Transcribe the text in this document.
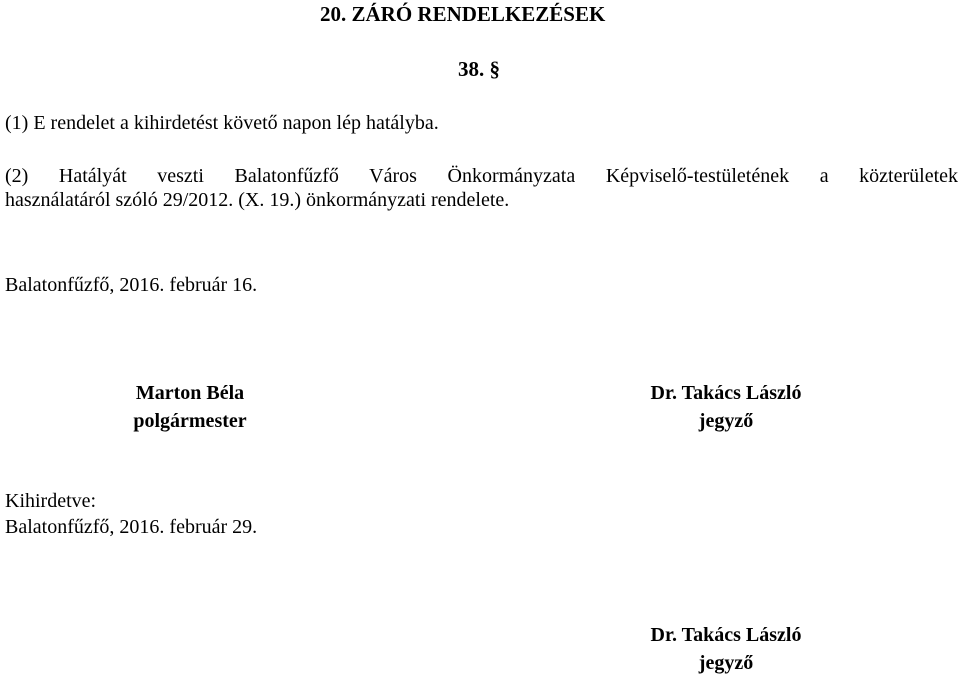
20. ZÁRÓ RENDELKEZÉSEK
38. §
(1) E rendelet a kihirdetést követő napon lép hatályba.
(2) Hatályát veszti Balatonfűzfő Város Önkormányzata Képviselő-testületének a közterületek
használatáról szóló 29/2012. (X. 19.) önkormányzati rendelete.
Balatonfűzfő, 2016. február 16.
Marton Béla
polgármester
Dr. Takács László
jegyző
Kihirdetve:
Balatonfűzfő, 2016. február 29.
Dr. Takács László
jegyző
